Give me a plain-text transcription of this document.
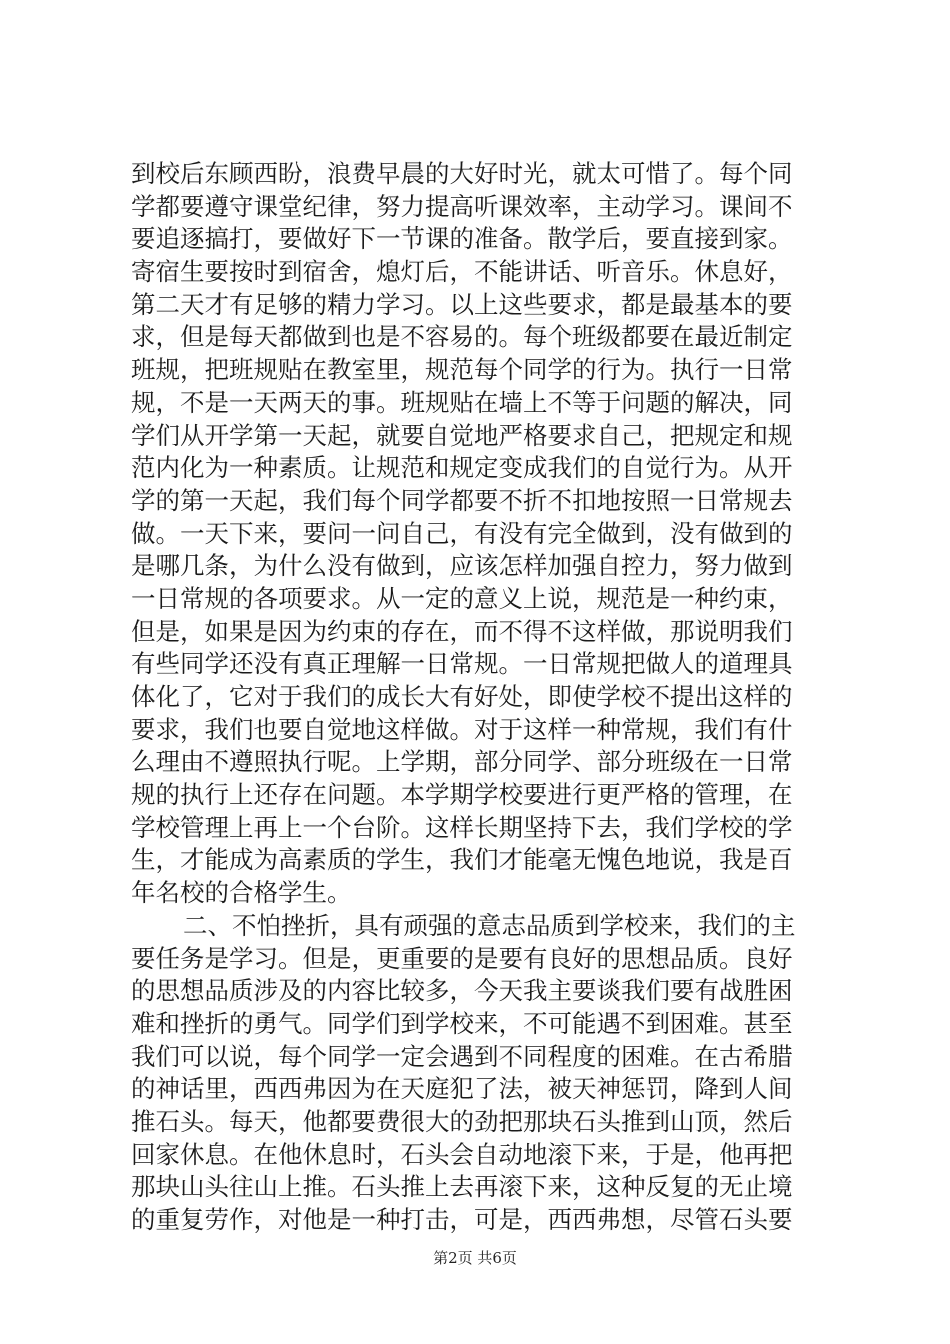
到校后东顾西盼，浪费早晨的大好时光，就太可惜了。每个同
学都要遵守课堂纪律，努力提高听课效率，主动学习。课间不
要追逐搞打，要做好下一节课的准备。散学后，要直接到家。
寄宿生要按时到宿舍，熄灯后，不能讲话、听音乐。休息好，
第二天才有足够的精力学习。以上这些要求，都是最基本的要
求，但是每天都做到也是不容易的。每个班级都要在最近制定
班规，把班规贴在教室里，规范每个同学的行为。执行一日常
规，不是一天两天的事。班规贴在墙上不等于问题的解决，同
学们从开学第一天起，就要自觉地严格要求自己，把规定和规
范内化为一种素质。让规范和规定变成我们的自觉行为。从开
学的第一天起，我们每个同学都要不折不扣地按照一日常规去
做。一天下来，要问一问自己，有没有完全做到，没有做到的
是哪几条，为什么没有做到，应该怎样加强自控力，努力做到
一日常规的各项要求。从一定的意义上说，规范是一种约束，
但是，如果是因为约束的存在，而不得不这样做，那说明我们
有些同学还没有真正理解一日常规。一日常规把做人的道理具
体化了，它对于我们的成长大有好处，即使学校不提出这样的
要求，我们也要自觉地这样做。对于这样一种常规，我们有什
么理由不遵照执行呢。上学期，部分同学、部分班级在一日常
规的执行上还存在问题。本学期学校要进行更严格的管理，在
学校管理上再上一个台阶。这样长期坚持下去，我们学校的学
生，才能成为高素质的学生，我们才能毫无愧色地说，我是百
年名校的合格学生。
二、不怕挫折，具有顽强的意志品质到学校来，我们的主
要任务是学习。但是，更重要的是要有良好的思想品质。良好
的思想品质涉及的内容比较多，今天我主要谈我们要有战胜困
难和挫折的勇气。同学们到学校来，不可能遇不到困难。甚至
我们可以说，每个同学一定会遇到不同程度的困难。在古希腊
的神话里，西西弗因为在天庭犯了法，被天神惩罚，降到人间
推石头。每天，他都要费很大的劲把那块石头推到山顶，然后
回家休息。在他休息时，石头会自动地滚下来，于是，他再把
那块山头往山上推。石头推上去再滚下来，这种反复的无止境
的重复劳作，对他是一种打击，可是，西西弗想，尽管石头要
第2页 共6页
